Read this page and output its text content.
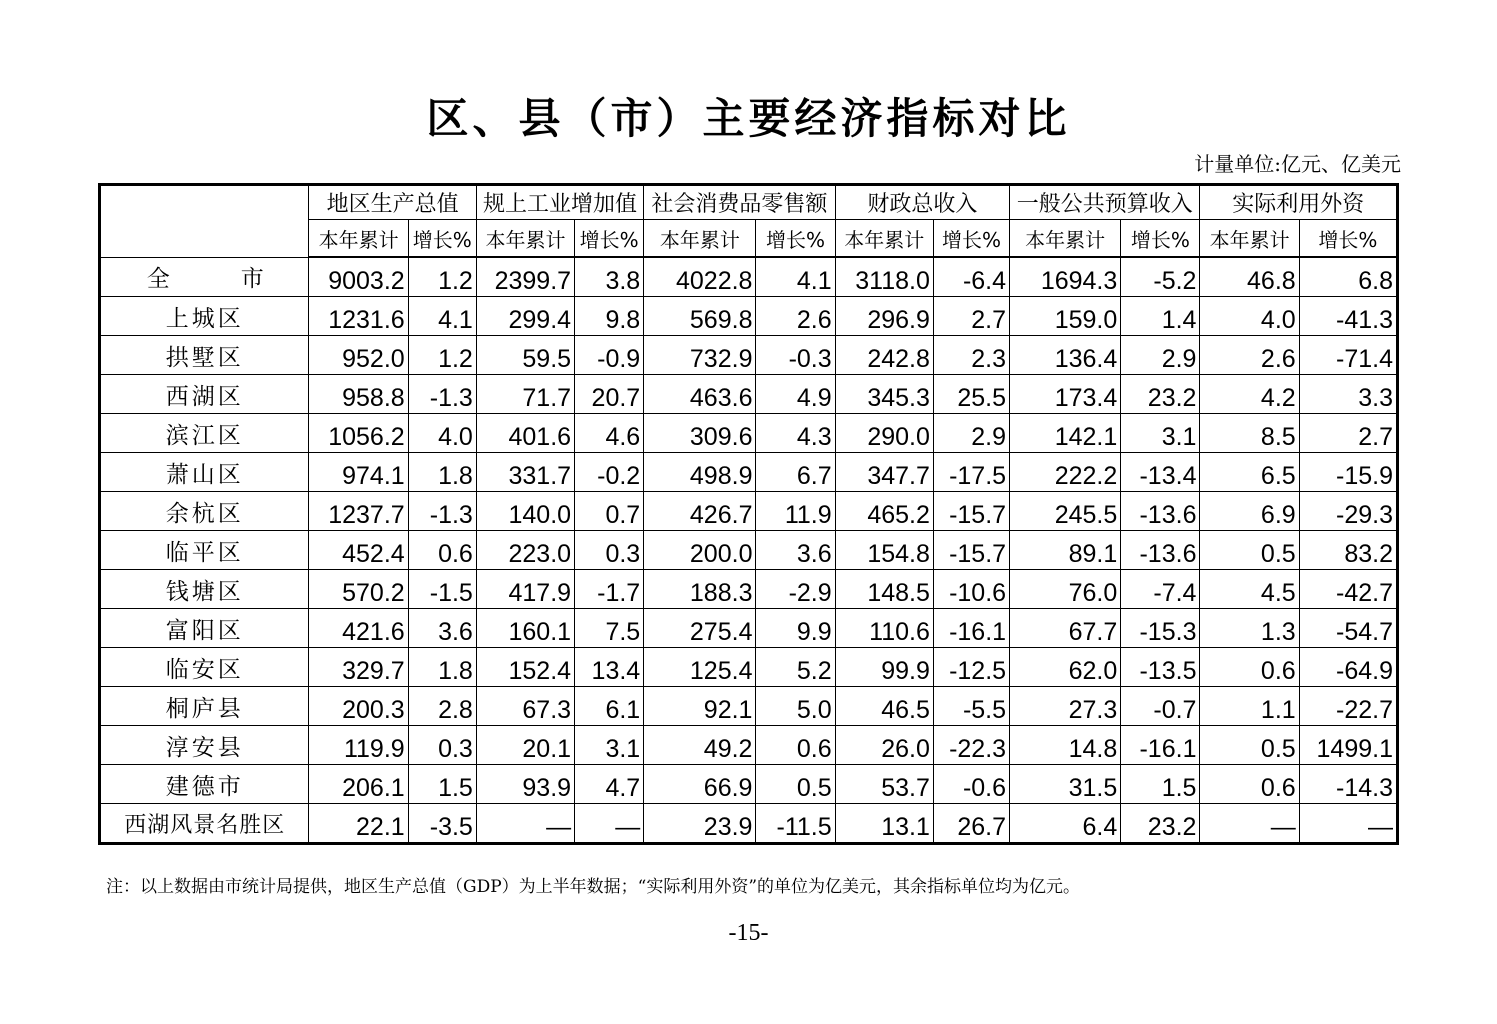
区、县（市）主要经济指标对比
计量单位:亿元、亿美元
	地区生产总值		规上工业增加值		社会消费品零售额		财政总收入		一般公共预算收入		实际利用外资	
	本年累计	增长%	本年累计	增长%	本年累计	增长%	本年累计	增长%	本年累计	增长%	本年累计	增长%
全　市	9003.2	1.2	2399.7	3.8	4022.8	4.1	3118.0	-6.4	1694.3	-5.2	46.8	6.8
上城区	1231.6	4.1	299.4	9.8	569.8	2.6	296.9	2.7	159.0	1.4	4.0	-41.3
拱墅区	952.0	1.2	59.5	-0.9	732.9	-0.3	242.8	2.3	136.4	2.9	2.6	-71.4
西湖区	958.8	-1.3	71.7	20.7	463.6	4.9	345.3	25.5	173.4	23.2	4.2	3.3
滨江区	1056.2	4.0	401.6	4.6	309.6	4.3	290.0	2.9	142.1	3.1	8.5	2.7
萧山区	974.1	1.8	331.7	-0.2	498.9	6.7	347.7	-17.5	222.2	-13.4	6.5	-15.9
余杭区	1237.7	-1.3	140.0	0.7	426.7	11.9	465.2	-15.7	245.5	-13.6	6.9	-29.3
临平区	452.4	0.6	223.0	0.3	200.0	3.6	154.8	-15.7	89.1	-13.6	0.5	83.2
钱塘区	570.2	-1.5	417.9	-1.7	188.3	-2.9	148.5	-10.6	76.0	-7.4	4.5	-42.7
富阳区	421.6	3.6	160.1	7.5	275.4	9.9	110.6	-16.1	67.7	-15.3	1.3	-54.7
临安区	329.7	1.8	152.4	13.4	125.4	5.2	99.9	-12.5	62.0	-13.5	0.6	-64.9
桐庐县	200.3	2.8	67.3	6.1	92.1	5.0	46.5	-5.5	27.3	-0.7	1.1	-22.7
淳安县	119.9	0.3	20.1	3.1	49.2	0.6	26.0	-22.3	14.8	-16.1	0.5	1499.1
建德市	206.1	1.5	93.9	4.7	66.9	0.5	53.7	-0.6	31.5	1.5	0.6	-14.3
西湖风景名胜区	22.1	-3.5	—	—	23.9	-11.5	13.1	26.7	6.4	23.2	—	—
注：以上数据由市统计局提供，地区生产总值（GDP）为上半年数据；“实际利用外资”的单位为亿美元，其余指标单位均为亿元。
-15-
